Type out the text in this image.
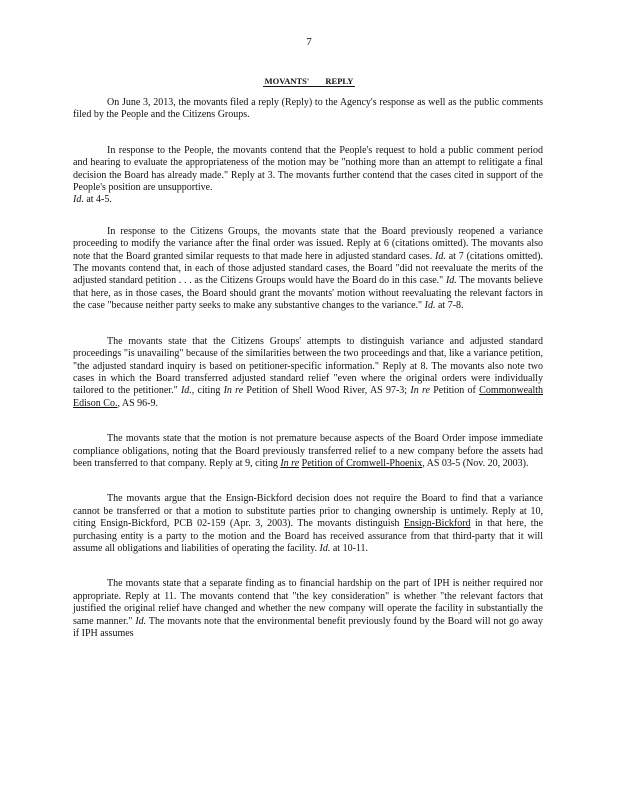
7
MOVANTS' REPLY

On June 3, 2013, the movants filed a reply (Reply) to the Agency's response as well as the public comments filed by the People and the Citizens Groups.

In response to the People, the movants contend that the People's request to hold a public comment period and hearing to evaluate the appropriateness of the motion may be "nothing more than an attempt to relitigate a final decision the Board has already made." Reply at 3. The movants further contend that the cases cited in support of the People's position are unsupportive.
Id. at 4-5.

In response to the Citizens Groups, the movants state that the Board previously reopened a variance proceeding to modify the variance after the final order was issued. Reply at 6 (citations omitted). The movants also note that the Board granted similar requests to that made here in adjusted standard cases. Id. at 7 (citations omitted). The movants contend that, in each of those adjusted standard cases, the Board "did not reevaluate the merits of the adjusted standard petition . . . as the Citizens Groups would have the Board do in this case." Id. The movants believe that here, as in those cases, the Board should grant the movants' motion without reevaluating the relevant factors in the case "because neither party seeks to make any substantive changes to the variance." Id. at 7-8.

The movants state that the Citizens Groups' attempts to distinguish variance and adjusted standard proceedings "is unavailing" because of the similarities between the two proceedings and that, like a variance petition, "the adjusted standard inquiry is based on petitioner-specific information." Reply at 8. The movants also note two cases in which the Board transferred adjusted standard relief "even where the original orders were individually tailored to the petitioner." Id., citing In re Petition of Shell Wood River, AS 97-3; In re Petition of Commonwealth Edison Co., AS 96-9.

The movants state that the motion is not premature because aspects of the Board Order impose immediate compliance obligations, noting that the Board previously transferred relief to a new company before the assets had been transferred to that company. Reply at 9, citing In re Petition of Cromwell-Phoenix, AS 03-5 (Nov. 20, 2003).

The movants argue that the Ensign-Bickford decision does not require the Board to find that a variance cannot be transferred or that a motion to substitute parties prior to changing ownership is untimely. Reply at 10, citing Ensign-Bickford, PCB 02-159 (Apr. 3, 2003). The movants distinguish Ensign-Bickford in that here, the purchasing entity is a party to the motion and the Board has received assurance from that third-party that it will assume all obligations and liabilities of operating the facility. Id. at 10-11.

The movants state that a separate finding as to financial hardship on the part of IPH is neither required nor appropriate. Reply at 11. The movants contend that "the key consideration" is whether "the relevant factors that justified the original relief have changed and whether the new company will operate the facility in substantially the same manner." Id. The movants note that the environmental benefit previously found by the Board will not go away if IPH assumes
